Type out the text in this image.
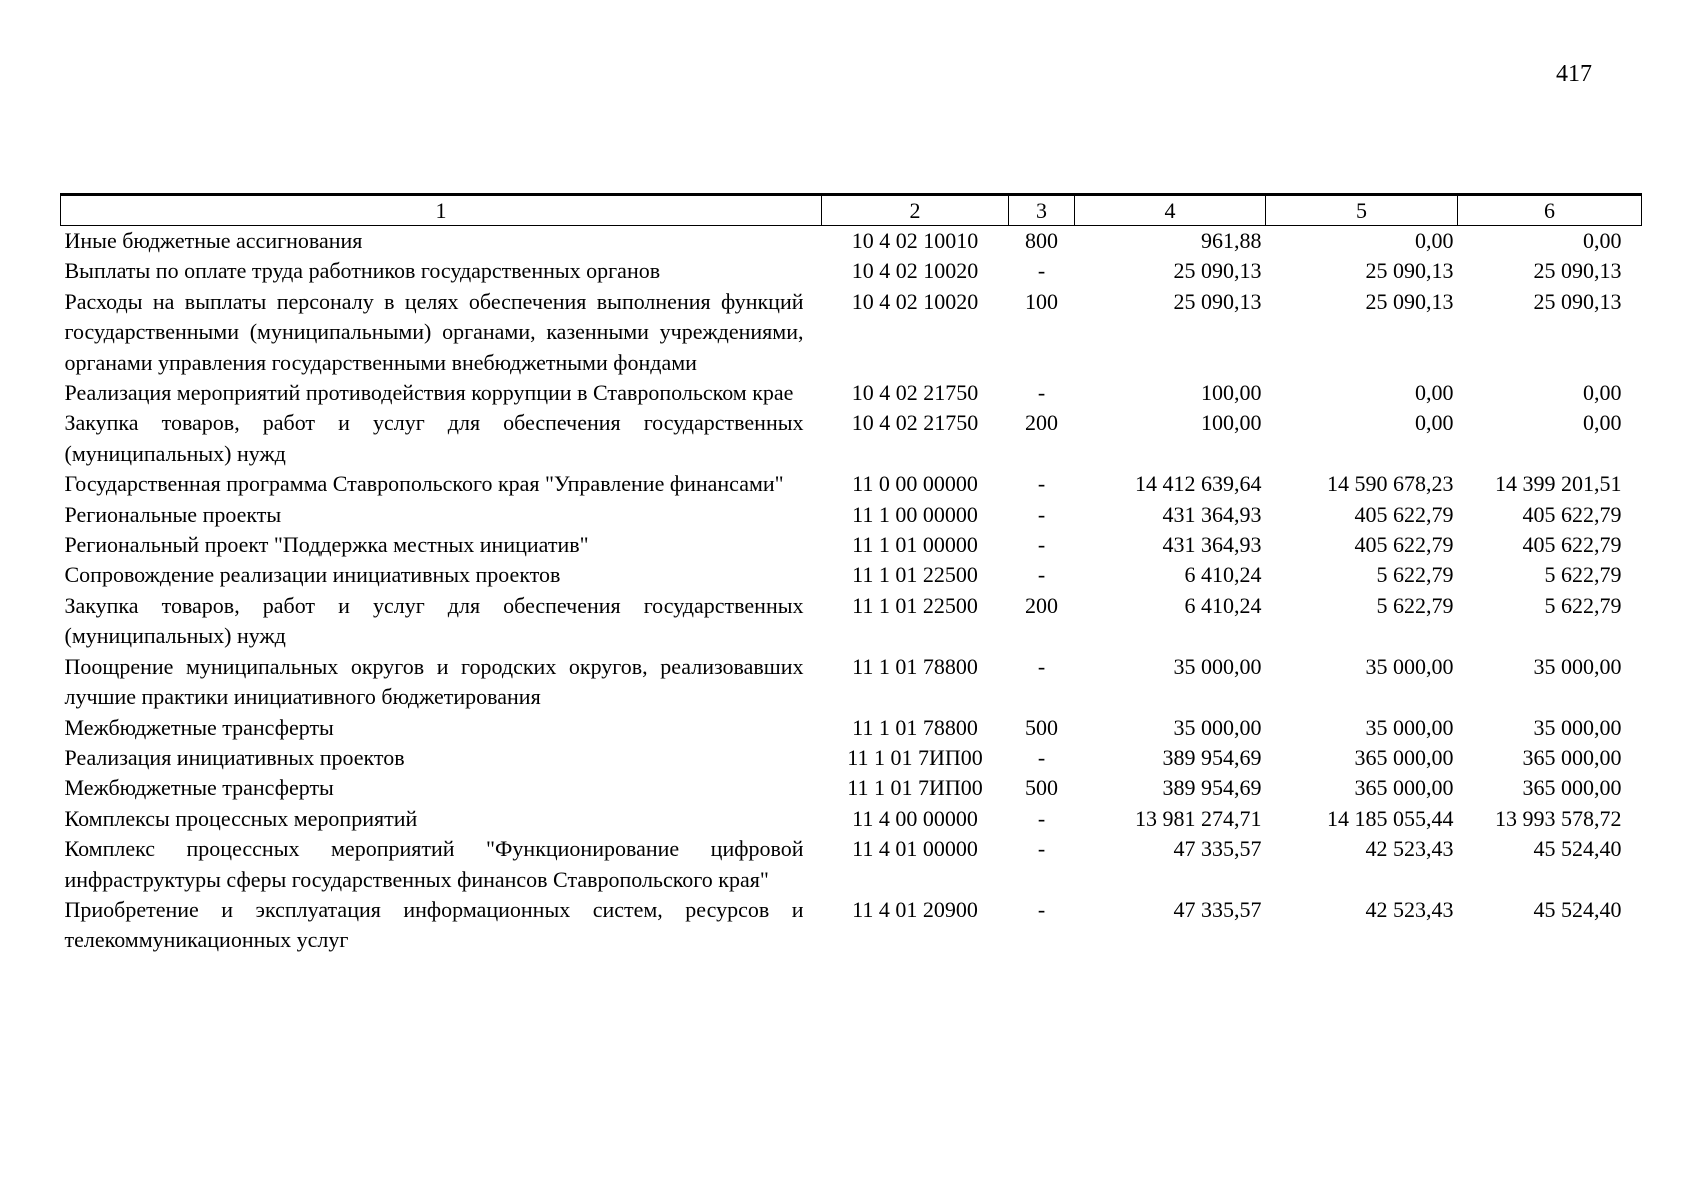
417
1	2	3	4	5	6
Иные бюджетные ассигнования	10 4 02 10010	800	961,88	0,00	0,00
Выплаты по оплате труда работников государственных органов	10 4 02 10020	-	25 090,13	25 090,13	25 090,13
Расходы на выплаты персоналу в целях обеспечения выполнения функций государственными (муниципальными) органами, казенными учреждениями, органами управления государственными внебюджетными фондами	10 4 02 10020	100	25 090,13	25 090,13	25 090,13
Реализация мероприятий противодействия коррупции в Ставропольском крае	10 4 02 21750	-	100,00	0,00	0,00
Закупка товаров, работ и услуг для обеспечения государственных (муниципальных) нужд	10 4 02 21750	200	100,00	0,00	0,00
Государственная программа Ставропольского края "Управление финансами"	11 0 00 00000	-	14 412 639,64	14 590 678,23	14 399 201,51
Региональные проекты	11 1 00 00000	-	431 364,93	405 622,79	405 622,79
Региональный проект "Поддержка местных инициатив"	11 1 01 00000	-	431 364,93	405 622,79	405 622,79
Сопровождение реализации инициативных проектов	11 1 01 22500	-	6 410,24	5 622,79	5 622,79
Закупка товаров, работ и услуг для обеспечения государственных (муниципальных) нужд	11 1 01 22500	200	6 410,24	5 622,79	5 622,79
Поощрение муниципальных округов и городских округов, реализовавших лучшие практики инициативного бюджетирования	11 1 01 78800	-	35 000,00	35 000,00	35 000,00
Межбюджетные трансферты	11 1 01 78800	500	35 000,00	35 000,00	35 000,00
Реализация инициативных проектов	11 1 01 7ИП00	-	389 954,69	365 000,00	365 000,00
Межбюджетные трансферты	11 1 01 7ИП00	500	389 954,69	365 000,00	365 000,00
Комплексы процессных мероприятий	11 4 00 00000	-	13 981 274,71	14 185 055,44	13 993 578,72
Комплекс процессных мероприятий "Функционирование цифровой инфраструктуры сферы государственных финансов Ставропольского края"	11 4 01 00000	-	47 335,57	42 523,43	45 524,40
Приобретение и эксплуатация информационных систем, ресурсов и телекоммуникационных услуг	11 4 01 20900	-	47 335,57	42 523,43	45 524,40
